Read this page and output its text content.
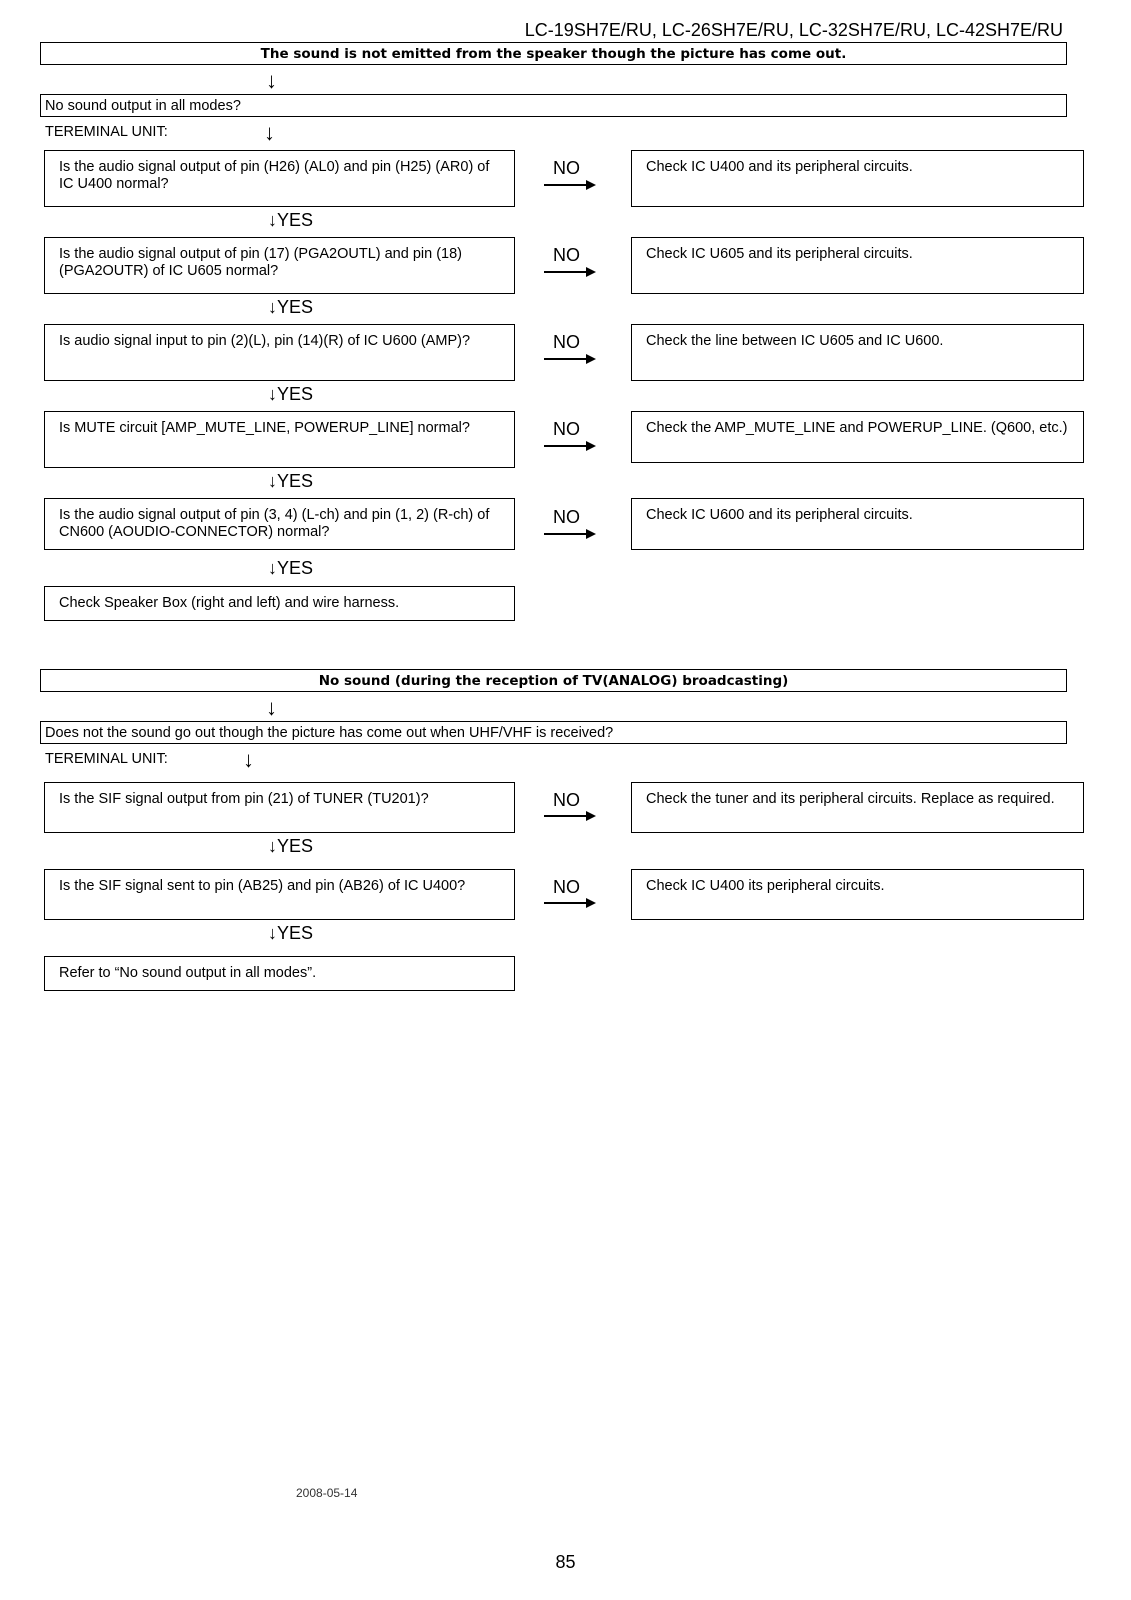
LC-19SH7E/RU, LC-26SH7E/RU, LC-32SH7E/RU, LC-42SH7E/RU
The sound is not emitted from the speaker though the picture has come out.
↓
No sound output in all modes?
TEREMINAL UNIT:	↓
Is the audio signal output of pin (H26) (AL0) and pin (H25) (AR0) of IC U400 normal?
NO	Check IC U400 and its peripheral circuits.
↓YES
Is the audio signal output of pin (17) (PGA2OUTL) and pin (18) (PGA2OUTR) of IC U605 normal?
NO	Check IC U605 and its peripheral circuits.
↓YES
Is audio signal input to pin (2)(L), pin (14)(R) of IC U600 (AMP)?	NO	Check the line between IC U605 and IC U600.
↓YES
Is MUTE circuit [AMP_MUTE_LINE, POWERUP_LINE] normal?	NO	Check the AMP_MUTE_LINE and POWERUP_LINE. (Q600, etc.)
↓YES
Is the audio signal output of pin (3, 4) (L-ch) and pin (1, 2) (R-ch) of CN600 (AOUDIO-CONNECTOR) normal?
NO	Check IC U600 and its peripheral circuits.
↓YES
Check Speaker Box (right and left) and wire harness.
No sound (during the reception of TV(ANALOG) broadcasting)
↓
Does not the sound go out though the picture has come out when UHF/VHF is received?
TEREMINAL UNIT:	↓
Is the SIF signal output from pin (21) of TUNER (TU201)?	NO	Check the tuner and its peripheral circuits. Replace as required.
↓YES
Is the SIF signal sent to pin (AB25) and pin (AB26) of IC U400?	NO	Check IC U400 its peripheral circuits.
↓YES
Refer to “No sound output in all modes”.
2008-05-14
85
